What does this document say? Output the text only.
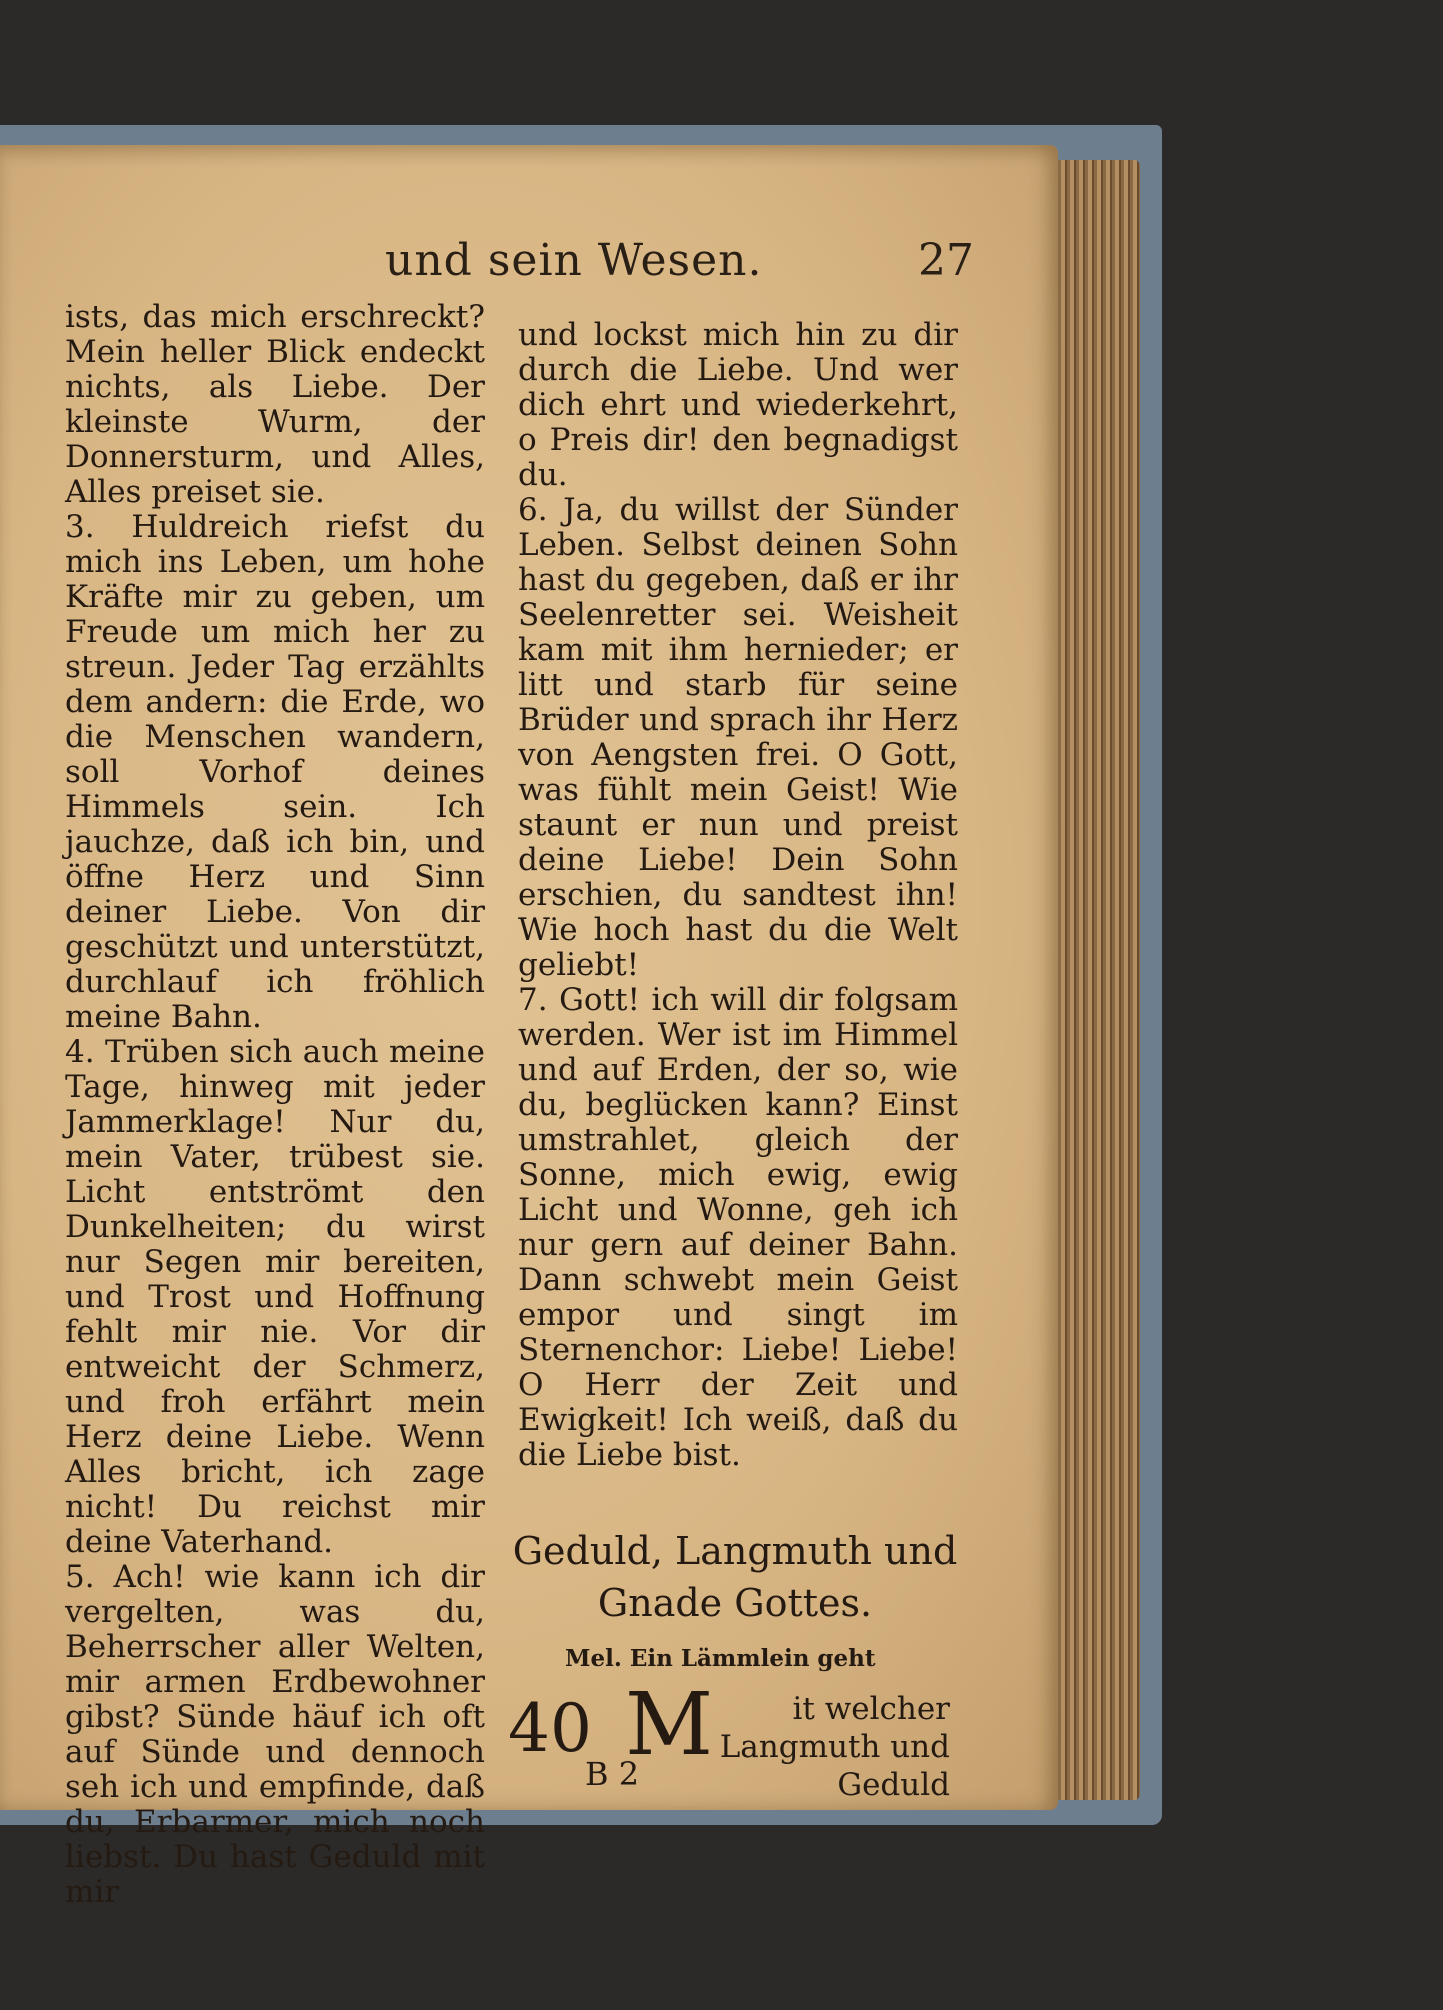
und sein Wesen.	27

ists, das mich erschreckt? Mein heller Blick endeckt nichts, als Liebe. Der kleinste Wurm, der Donnersturm, und Alles, Alles preiset sie.

3. Huldreich riefst du mich ins Leben, um hohe Kräfte mir zu geben, um Freude um mich her zu streun. Jeder Tag erzählts dem andern: die Erde, wo die Menschen wandern, soll Vorhof deines Himmels sein. Ich jauchze, daß ich bin, und öffne Herz und Sinn deiner Liebe. Von dir geschützt und unterstützt, durchlauf ich fröhlich meine Bahn.

4. Trüben sich auch meine Tage, hinweg mit jeder Jammerklage! Nur du, mein Vater, trübest sie. Licht entströmt den Dunkelheiten; du wirst nur Segen mir bereiten, und Trost und Hoffnung fehlt mir nie. Vor dir entweicht der Schmerz, und froh erfährt mein Herz deine Liebe. Wenn Alles bricht, ich zage nicht! Du reichst mir deine Vaterhand.

5. Ach! wie kann ich dir vergelten, was du, Beherrscher aller Welten, mir armen Erdbewohner gibst? Sünde häuf ich oft auf Sünde und dennoch seh ich und empfinde, daß du, Erbarmer, mich noch liebst. Du hast Geduld mit mir

und lockst mich hin zu dir durch die Liebe. Und wer dich ehrt und wiederkehrt, o Preis dir! den begnadigst du.

6. Ja, du willst der Sünder Leben. Selbst deinen Sohn hast du gegeben, daß er ihr Seelenretter sei. Weisheit kam mit ihm hernieder; er litt und starb für seine Brüder und sprach ihr Herz von Aengsten frei. O Gott, was fühlt mein Geist! Wie staunt er nun und preist deine Liebe! Dein Sohn erschien, du sandtest ihn! Wie hoch hast du die Welt geliebt!

7. Gott! ich will dir folgsam werden. Wer ist im Himmel und auf Erden, der so, wie du, beglücken kann? Einst umstrahlet, gleich der Sonne, mich ewig, ewig Licht und Wonne, geh ich nur gern auf deiner Bahn. Dann schwebt mein Geist empor und singt im Sternenchor: Liebe! Liebe! O Herr der Zeit und Ewigkeit! Ich weiß, daß du die Liebe bist.

Geduld, Langmuth und Gnade Gottes.
Mel. Ein Lämmlein geht
40 M	it welcher Langmuth und Geduld
B 2
